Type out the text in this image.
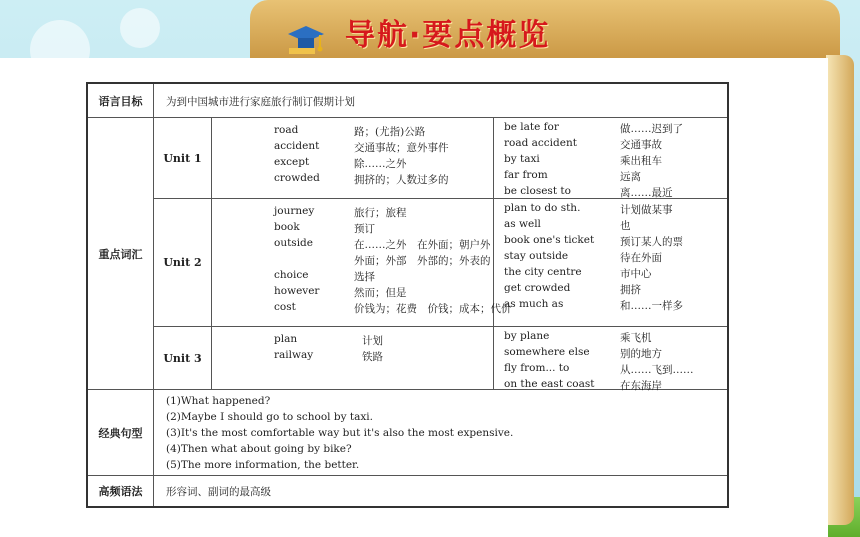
导航·要点概览
语言目标	为到中国城市进行家庭旅行制订假期计划
重点词汇
Unit 1
road	路；(尤指)公路
accident	交通事故；意外事件
except	除……之外
crowded	拥挤的；人数过多的
be late for	做……迟到了
road accident	交通事故
by taxi	乘出租车
far from	远离
be closest to	离……最近
Unit 2
journey	旅行；旅程
book	预订
outside	在……之外　在外面；朝户外
外面；外部　外部的；外表的
choice	选择
however	然而；但是
cost	价钱为；花费　价钱；成本；代价
plan to do sth.	计划做某事
as well	也
book one's ticket 预订某人的票
stay outside	待在外面
the city centre	市中心
get crowded	拥挤
as much as	和……一样多
Unit 3
plan	计划
railway	铁路
by plane	乘飞机
somewhere else	别的地方
fly from... to	从……飞到……
on the east coast 在东海岸
经典句型
(1)What happened?
(2)Maybe I should go to school by taxi.
(3)It's the most comfortable way but it's also the most expensive.
(4)Then what about going by bike?
(5)The more information, the better.
高频语法	形容词、副词的最高级
